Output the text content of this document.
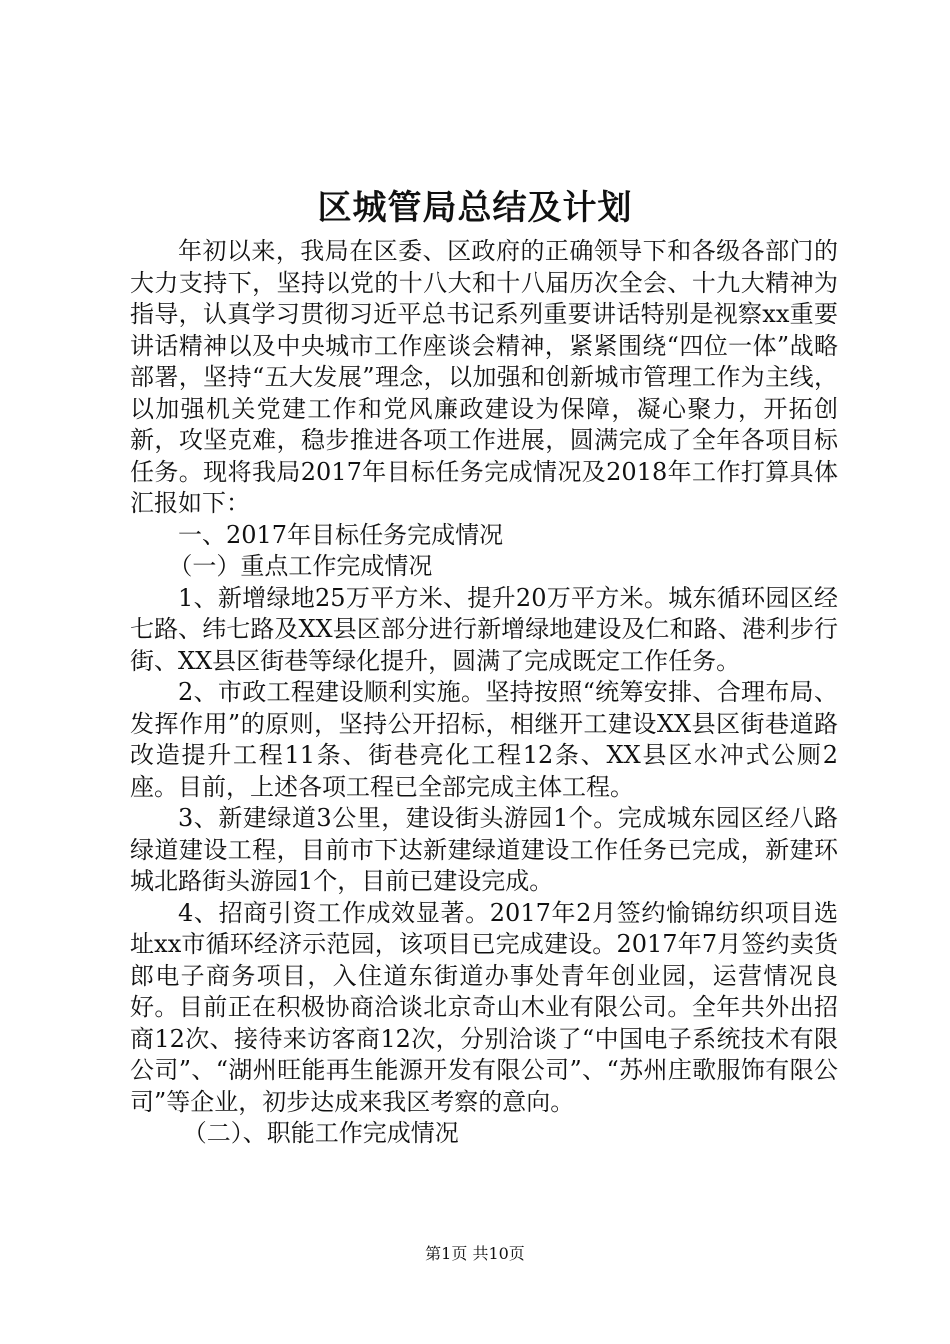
区城管局总结及计划

年初以来，我局在区委、区政府的正确领导下和各级各部门的大力支持下，坚持以党的十八大和十八届历次全会、十九大精神为指导，认真学习贯彻习近平总书记系列重要讲话特别是视察xx重要讲话精神以及中央城市工作座谈会精神，紧紧围绕“四位一体”战略部署，坚持“五大发展”理念，以加强和创新城市管理工作为主线，以加强机关党建工作和党风廉政建设为保障，凝心聚力，开拓创新，攻坚克难，稳步推进各项工作进展，圆满完成了全年各项目标任务。现将我局2017年目标任务完成情况及2018年工作打算具体汇报如下：

一、2017年目标任务完成情况

（一）重点工作完成情况

1、新增绿地25万平方米、提升20万平方米。城东循环园区经七路、纬七路及XX县区部分进行新增绿地建设及仁和路、港利步行街、XX县区街巷等绿化提升，圆满了完成既定工作任务。

2、市政工程建设顺利实施。坚持按照“统筹安排、合理布局、发挥作用”的原则，坚持公开招标，相继开工建设XX县区街巷道路改造提升工程11条、街巷亮化工程12条、XX县区水冲式公厕2座。目前，上述各项工程已全部完成主体工程。

3、新建绿道3公里，建设街头游园1个。完成城东园区经八路绿道建设工程，目前市下达新建绿道建设工作任务已完成，新建环城北路街头游园1个，目前已建设完成。

4、招商引资工作成效显著。2017年2月签约愉锦纺织项目选址xx市循环经济示范园，该项目已完成建设。2017年7月签约卖货郎电子商务项目，入住道东街道办事处青年创业园，运营情况良好。目前正在积极协商洽谈北京奇山木业有限公司。全年共外出招商12次、接待来访客商12次，分别洽谈了“中国电子系统技术有限公司”、“湖州旺能再生能源开发有限公司”、“苏州庄歌服饰有限公司”等企业，初步达成来我区考察的意向。

（二）、职能工作完成情况

第1页 共10页
